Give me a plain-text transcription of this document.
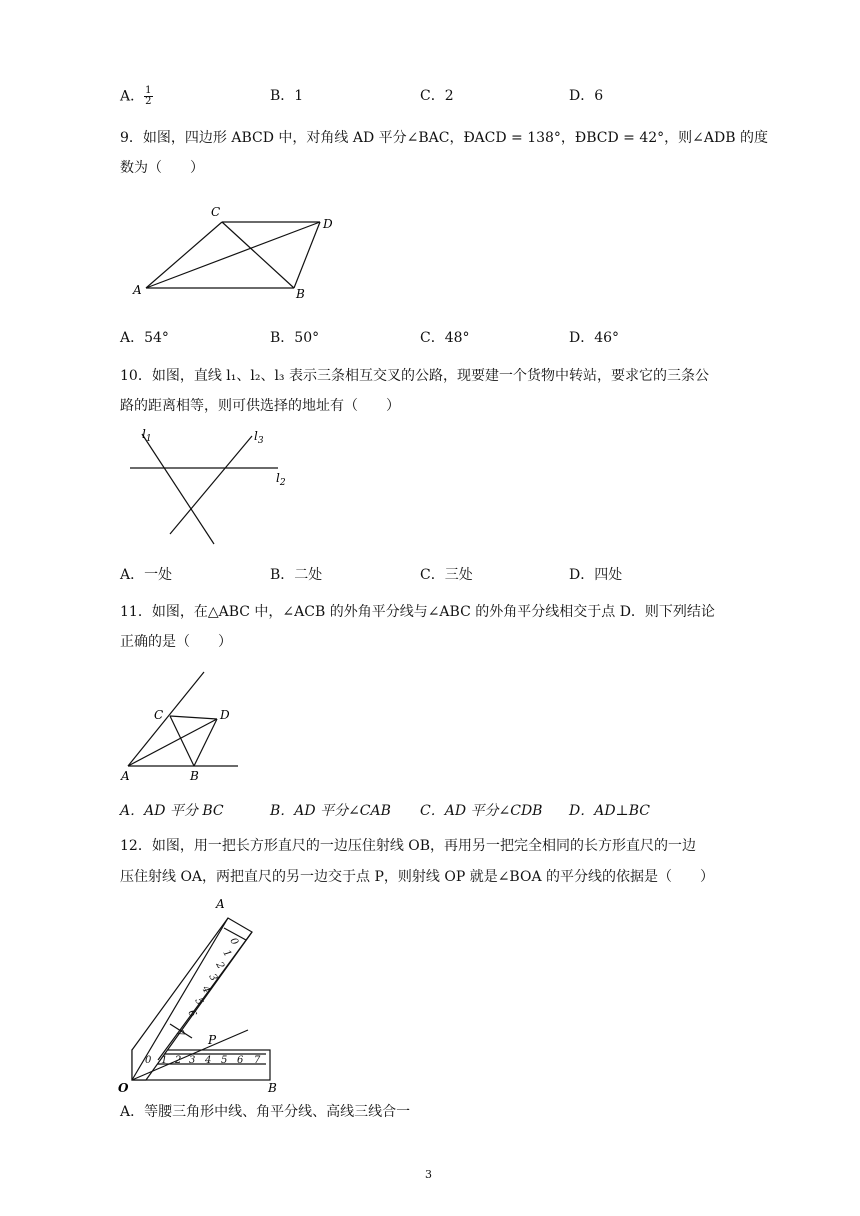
A． $\frac{1}{2}$	B．1	C．2	D．6
9．如图，四边形 ABCD 中，对角线 AD 平分∠BAC，ÐACD = 138°，ÐBCD = 42°，则∠ADB 的度
数为（　　）
C
D
A	B
A．54°	B．50°	C．48°	D．46°
10．如图，直线 l₁、l₂、l₃ 表示三条相互交叉的公路，现要建一个货物中转站，要求它的三条公
路的距离相等，则可供选择的地址有（　　）
$l_1$	$l_3$
$l_2$
A．一处	B．二处	C．三处	D．四处
11．如图，在△ABC 中，∠ACB 的外角平分线与∠ABC 的外角平分线相交于点 D．则下列结论
正确的是（　　）
C	D
A	B
A．AD 平分 BC	B．AD 平分∠CAB C．AD 平分∠CDB D．AD⊥BC
12．如图，用一把长方形直尺的一边压住射线 OB，再用另一把完全相同的长方形直尺的一边
压住射线 OA，两把直尺的另一边交于点 P，则射线 OP 就是∠BOA 的平分线的依据是（　　）
0 1 2 3 4 5 6 7
0
1
2
3
4
5
6
7
A
P
O	B
A．等腰三角形中线、角平分线、高线三线合一
3
